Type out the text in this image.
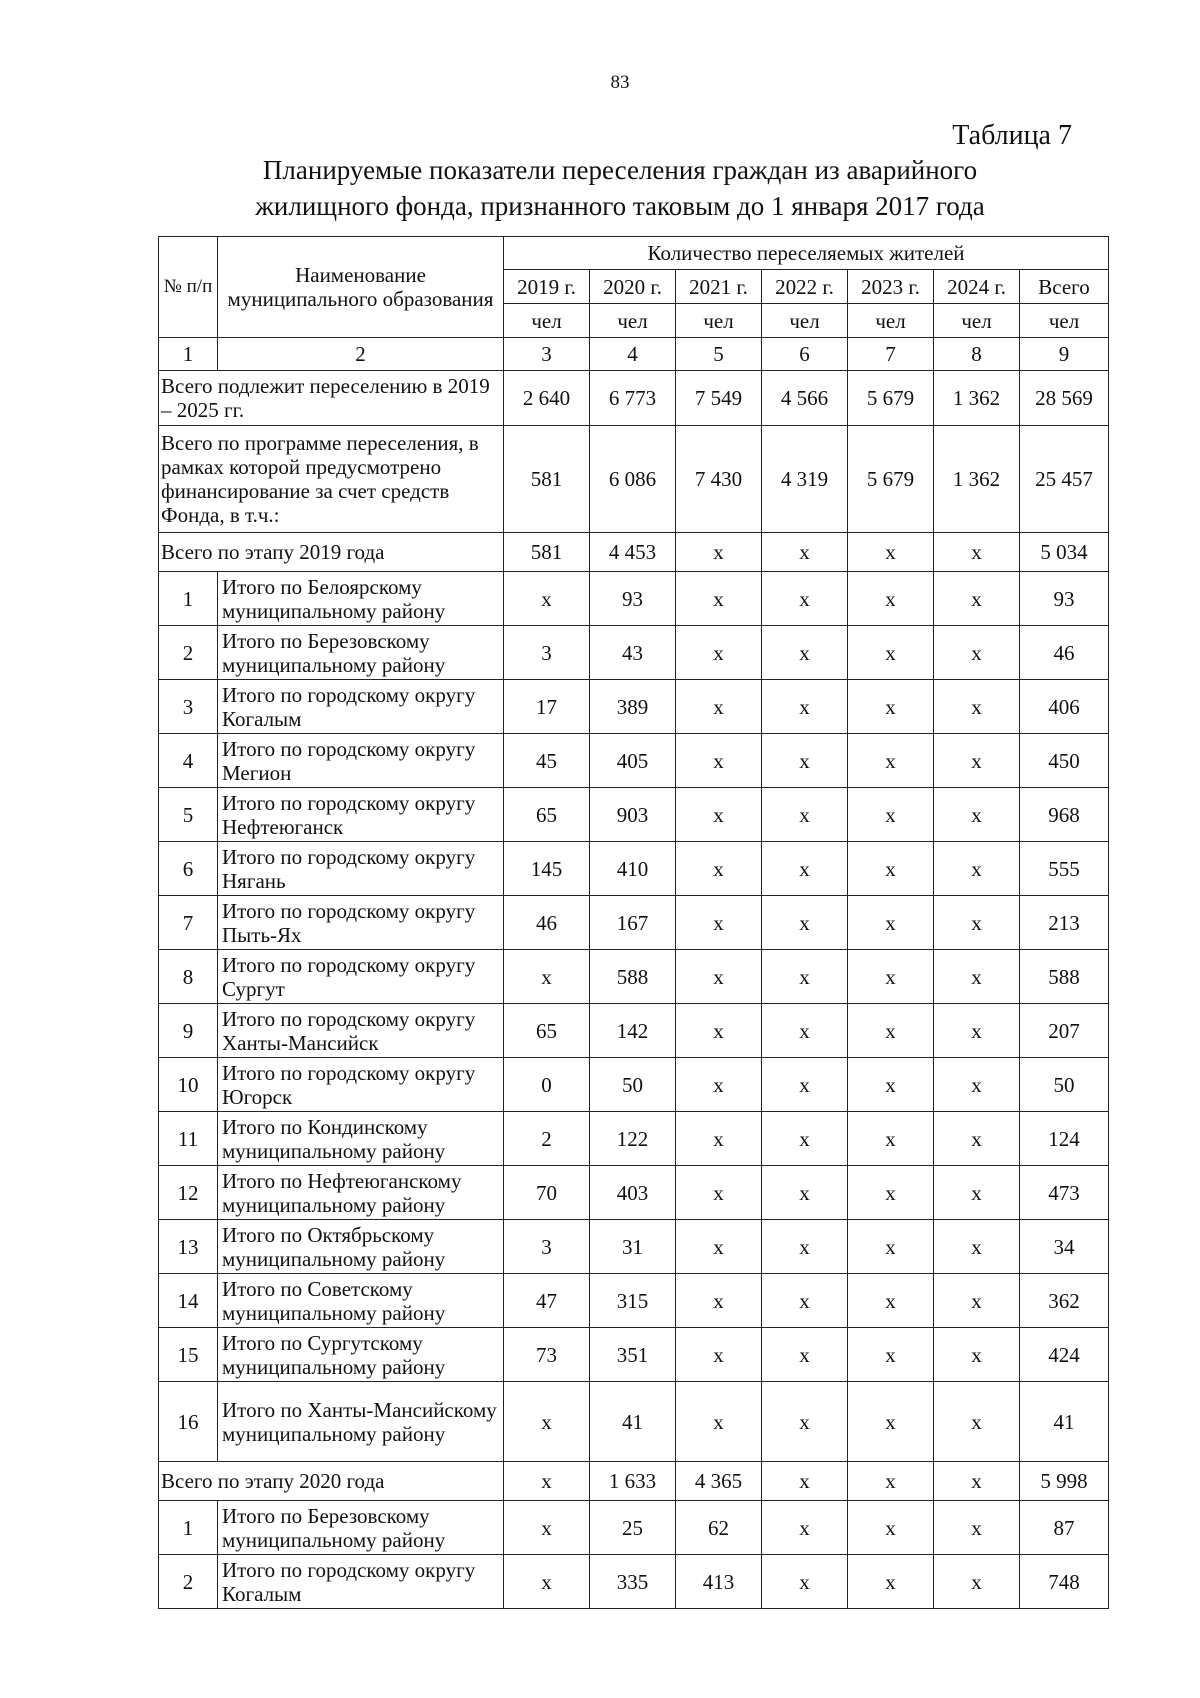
83
Таблица 7
Планируемые показатели переселения граждан из аварийного
жилищного фонда, признанного таковым до 1 января 2017 года
№ п/п	Наименование муниципального образования	Количество переселяемых жителей						
		2019 г.	2020 г.	2021 г.	2022 г.	2023 г.	2024 г.	Всего
		чел	чел	чел	чел	чел	чел	чел
1	2	3	4	5	6	7	8	9
Всего подлежит переселению в 2019 – 2025 гг.		2 640	6 773	7 549	4 566	5 679	1 362	28 569
Всего по программе переселения, в рамках которой предусмотрено финансирование за счет средств Фонда, в т.ч.:		581	6 086	7 430	4 319	5 679	1 362	25 457
Всего по этапу 2019 года		581	4 453	х	х	х	х	5 034
1	Итого по Белоярскому муниципальному району	х	93	х	х	х	х	93
2	Итого по Березовскому муниципальному району	3	43	х	х	х	х	46
3	Итого по городскому округу Когалым	17	389	х	х	х	х	406
4	Итого по городскому округу Мегион	45	405	х	х	х	х	450
5	Итого по городскому округу Нефтеюганск	65	903	х	х	х	х	968
6	Итого по городскому округу Нягань	145	410	х	х	х	х	555
7	Итого по городскому округу Пыть-Ях	46	167	х	х	х	х	213
8	Итого по городскому округу Сургут	х	588	х	х	х	х	588
9	Итого по городскому округу Ханты-Мансийск	65	142	х	х	х	х	207
10	Итого по городскому округу Югорск	0	50	х	х	х	х	50
11	Итого по Кондинскому муниципальному району	2	122	х	х	х	х	124
12	Итого по Нефтеюганскому муниципальному району	70	403	х	х	х	х	473
13	Итого по Октябрьскому муниципальному району	3	31	х	х	х	х	34
14	Итого по Советскому муниципальному району	47	315	х	х	х	х	362
15	Итого по Сургутскому муниципальному району	73	351	х	х	х	х	424
16	Итого по Ханты-Мансийскому муниципальному району	х	41	х	х	х	х	41
Всего по этапу 2020 года		х	1 633	4 365	х	х	х	5 998
1	Итого по Березовскому муниципальному району	х	25	62	х	х	х	87
2	Итого по городскому округу Когалым	х	335	413	х	х	х	748
